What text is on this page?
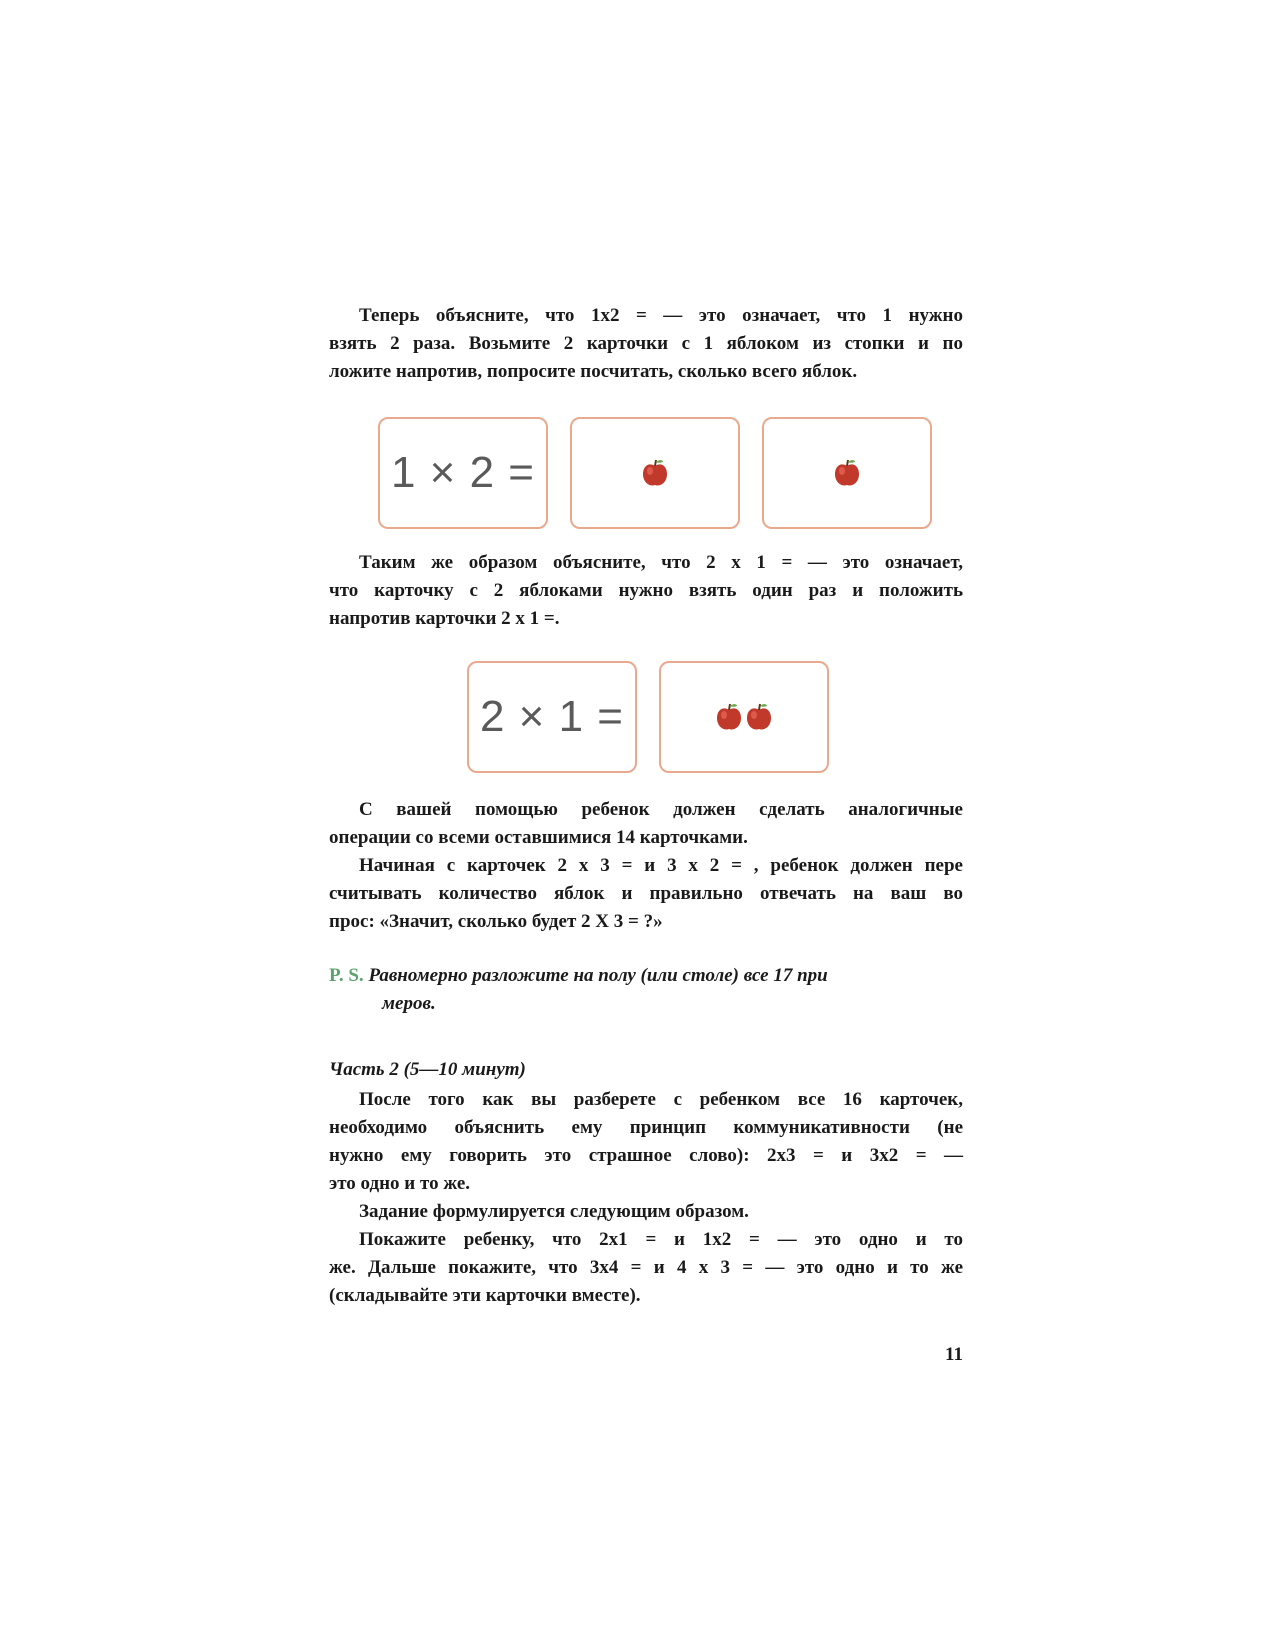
Теперь объясните, что 1x2 = — это означает, что 1 нужно
взять 2 раза. Возьмите 2 карточки с 1 яблоком из стопки и по
ложите напротив, попросите посчитать, сколько всего яблок.

1 × 2 =

Таким же образом объясните, что 2 x 1 = — это означает,
что карточку с 2 яблоками нужно взять один раз и положить
напротив карточки 2 x 1 =.

2 × 1 =

С вашей помощью ребенок должен сделать аналогичные
операции со всеми оставшимися 14 карточками.

Начиная с карточек 2 x 3 = и 3 x 2 = , ребенок должен пере
считывать количество яблок и правильно отвечать на ваш во
прос: «Значит, сколько будет 2 X 3 = ?»

P. S. Равномерно разложите на полу (или столе) все 17 при
меров.

Часть 2 (5—10 минут)

После того как вы разберете с ребенком все 16 карточек,
необходимо объяснить ему принцип коммуникативности (не
нужно ему говорить это страшное слово): 2x3 = и 3x2 = —
это одно и то же.

Задание формулируется следующим образом.

Покажите ребенку, что 2x1 = и 1x2 = — это одно и то
же. Дальше покажите, что 3x4 = и 4 x 3 = — это одно и то же
(складывайте эти карточки вместе).

11
